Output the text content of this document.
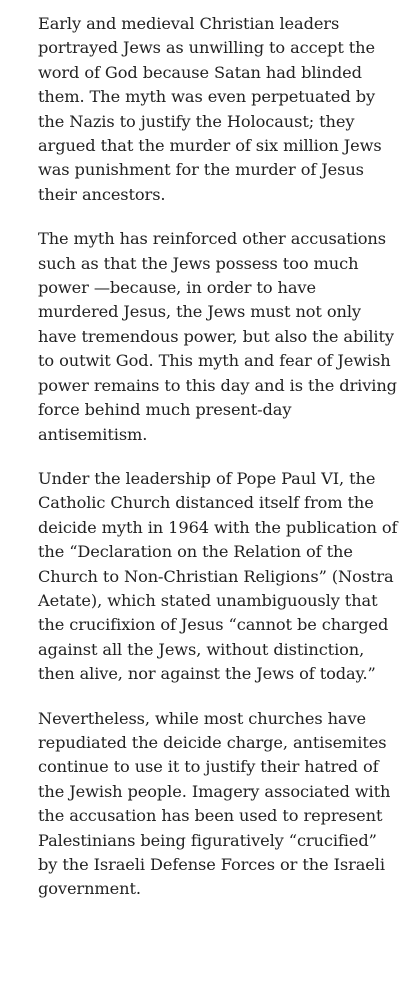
Early and medieval Christian leaders portrayed Jews as unwilling to accept the word of God because Satan had blinded them. The myth was even perpetuated by the Nazis to justify the Holocaust; they argued that the murder of six million Jews was punishment for the murder of Jesus their ancestors.

The myth has reinforced other accusations such as that the Jews possess too much power —because, in order to have murdered Jesus, the Jews must not only have tremendous power, but also the ability to outwit God. This myth and fear of Jewish power remains to this day and is the driving force behind much present-day antisemitism.

Under the leadership of Pope Paul VI, the Catholic Church distanced itself from the deicide myth in 1964 with the publication of the “Declaration on the Relation of the Church to Non-Christian Religions” (Nostra Aetate), which stated unambiguously that the crucifixion of Jesus “cannot be charged against all the Jews, without distinction, then alive, nor against the Jews of today.”

Nevertheless, while most churches have repudiated the deicide charge, antisemites continue to use it to justify their hatred of the Jewish people. Imagery associated with the accusation has been used to represent Palestinians being figuratively “crucified” by the Israeli Defense Forces or the Israeli government.
